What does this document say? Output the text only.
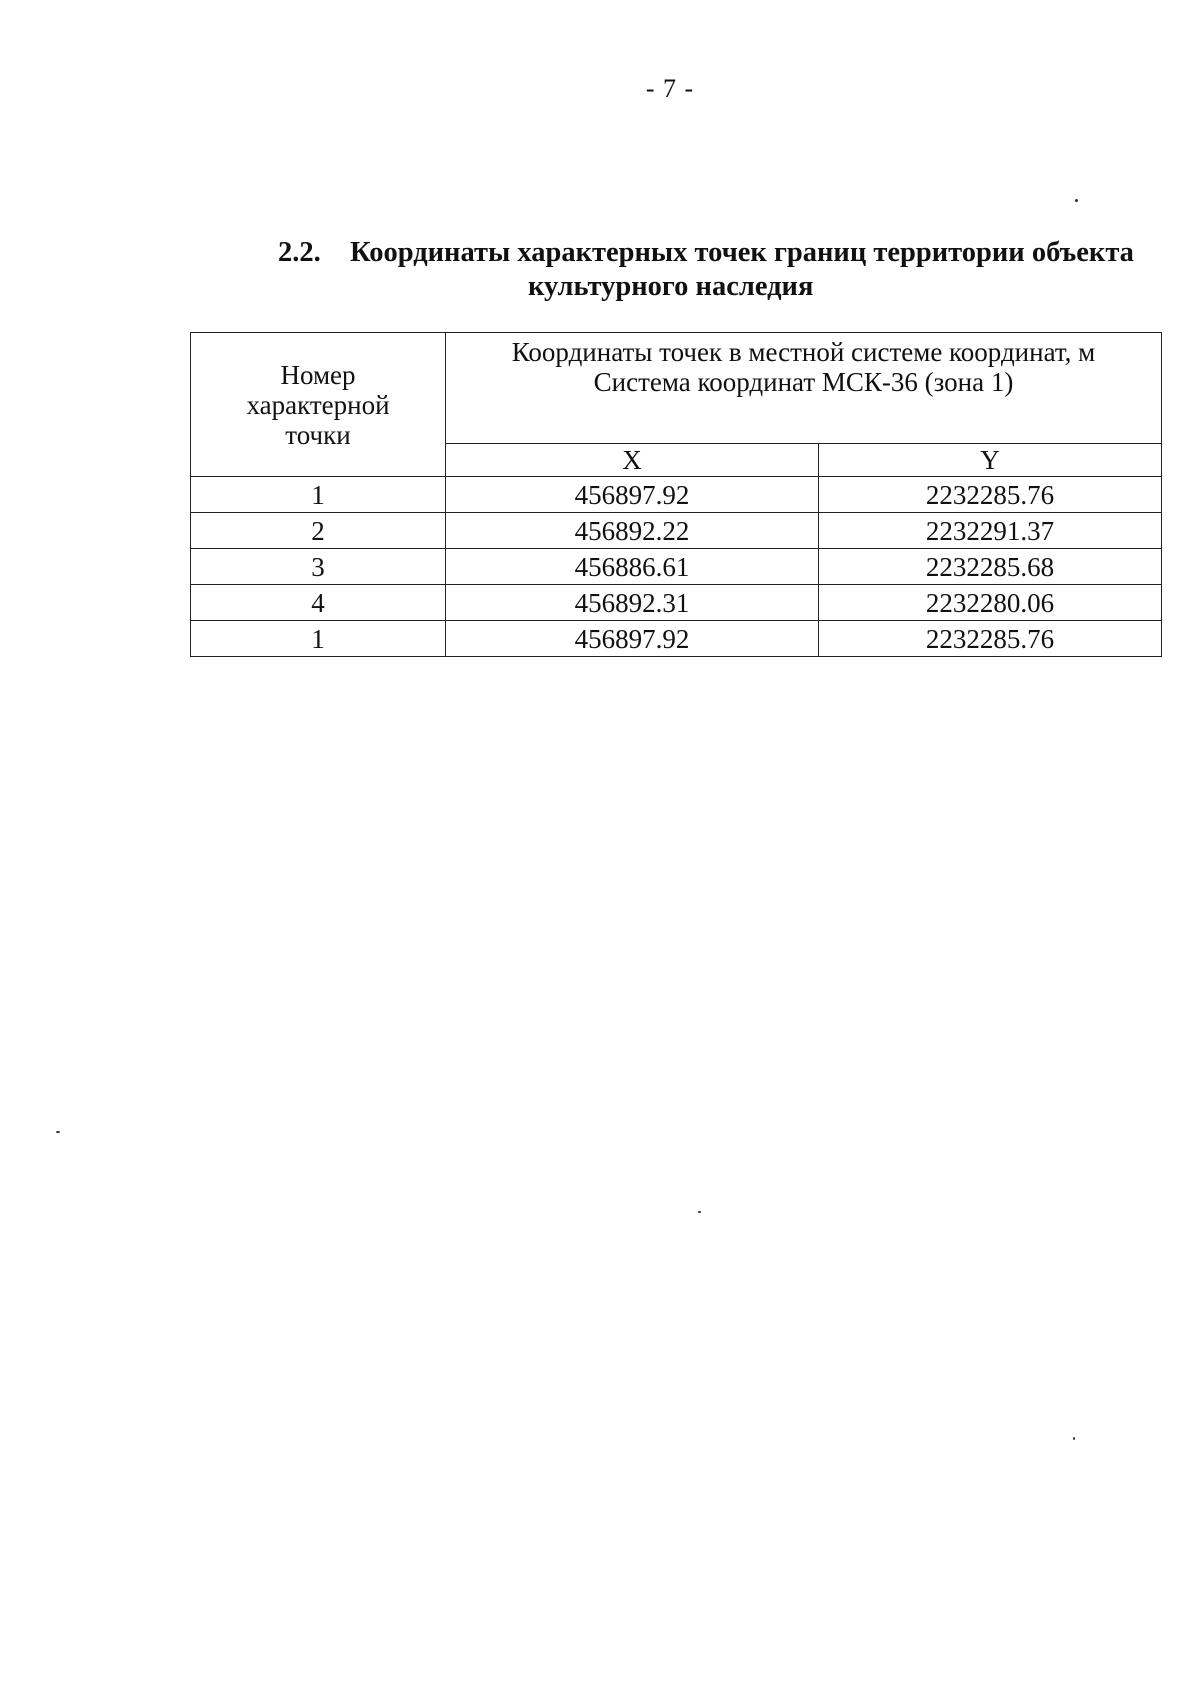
- 7 -
2.2. Координаты характерных точек границ территории объекта
культурного наследия
Номер характерной точки	Координаты точек в местной системе координат, м
Система координат МСК-36 (зона 1)	

	X	Y
1	456897.92	2232285.76
2	456892.22	2232291.37
3	456886.61	2232285.68
4	456892.31	2232280.06
1	456897.92	2232285.76
